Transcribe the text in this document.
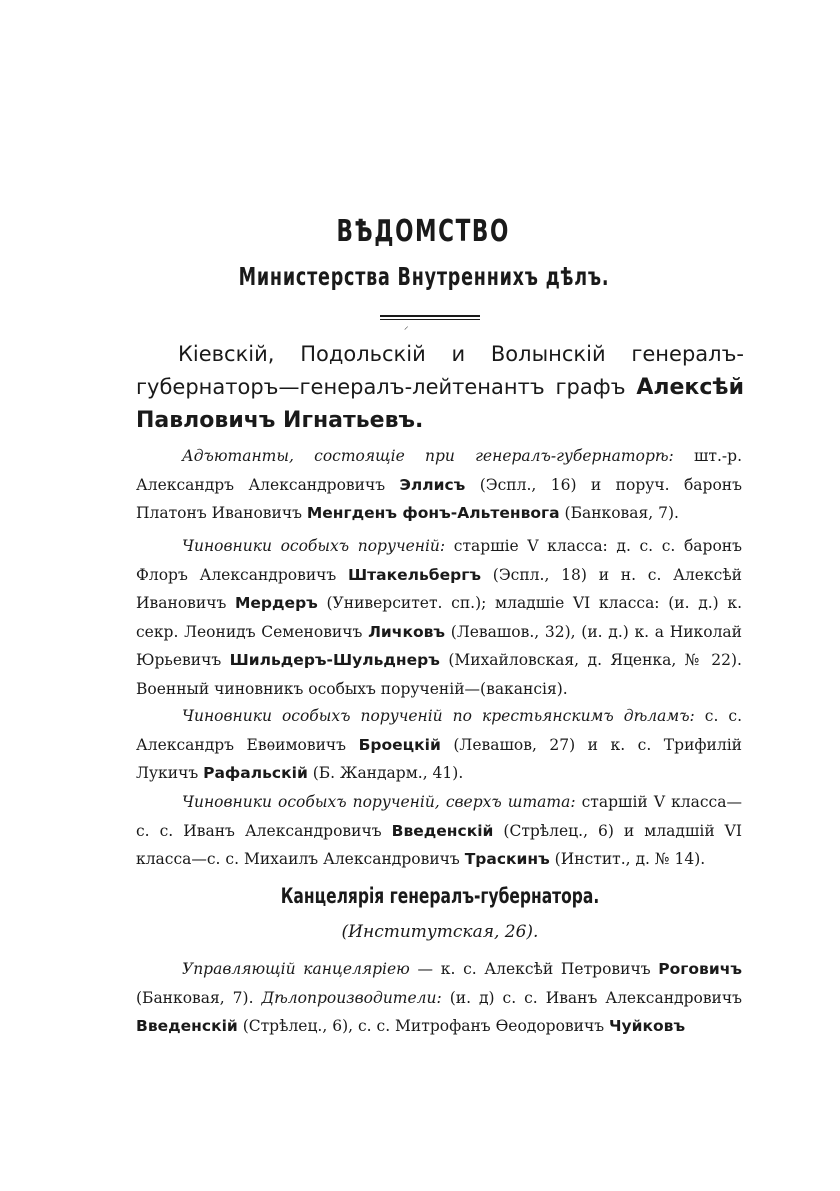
ВѢДОМСТВО
Министерства Внутреннихъ дѣлъ.
⸝

Кіевскій, Подольскій и Волынскій генералъ-губернаторъ—генералъ-лейтенантъ графъ Алексѣй Павловичъ Игнатьевъ.

Адъютанты, состоящіе при генералъ-губернаторѣ: шт.-р. Александръ Александровичъ Эллисъ (Эспл., 16) и поруч. баронъ Платонъ Ивановичъ Менгденъ фонъ-Альтенвога (Банковая, 7).

Чиновники особыхъ порученій: старшіе V класса: д. с. с. баронъ Флоръ Александровичъ Штакельбергъ (Эспл., 18) и н. с. Алексѣй Ивановичъ Мердеръ (Университет. сп.); младшіе VI класса: (и. д.) к. секр. Леонидъ Семеновичъ Личковъ (Левашов., 32), (и. д.) к. а Николай Юрьевичъ Шильдеръ-Шульднеръ (Михайловская, д. Яценка, № 22). Военный чиновникъ особыхъ порученій—(вакансія).

Чиновники особыхъ порученій по крестьянскимъ дѣламъ: с. с. Александръ Евѳимовичъ Броецкій (Левашов, 27) и к. с. Трифилій Лукичъ Рафальскій (Б. Жандарм., 41).

Чиновники особыхъ порученій, сверхъ штата: старшій V класса—с. с. Иванъ Александровичъ Введенскій (Стрѣлец., 6) и младшій VI класса—с. с. Михаилъ Александровичъ Траскинъ (Инстит., д. № 14).

Канцелярія генералъ-губернатора.
(Институтская, 26).

Управляющій канцеляріею — к. с. Алексѣй Петровичъ Роговичъ (Банковая, 7). Дѣлопроизводители: (и. д) с. с. Иванъ Александровичъ Введенскій (Стрѣлец., 6), с. с. Митрофанъ Ѳеодоровичъ Чуйковъ
